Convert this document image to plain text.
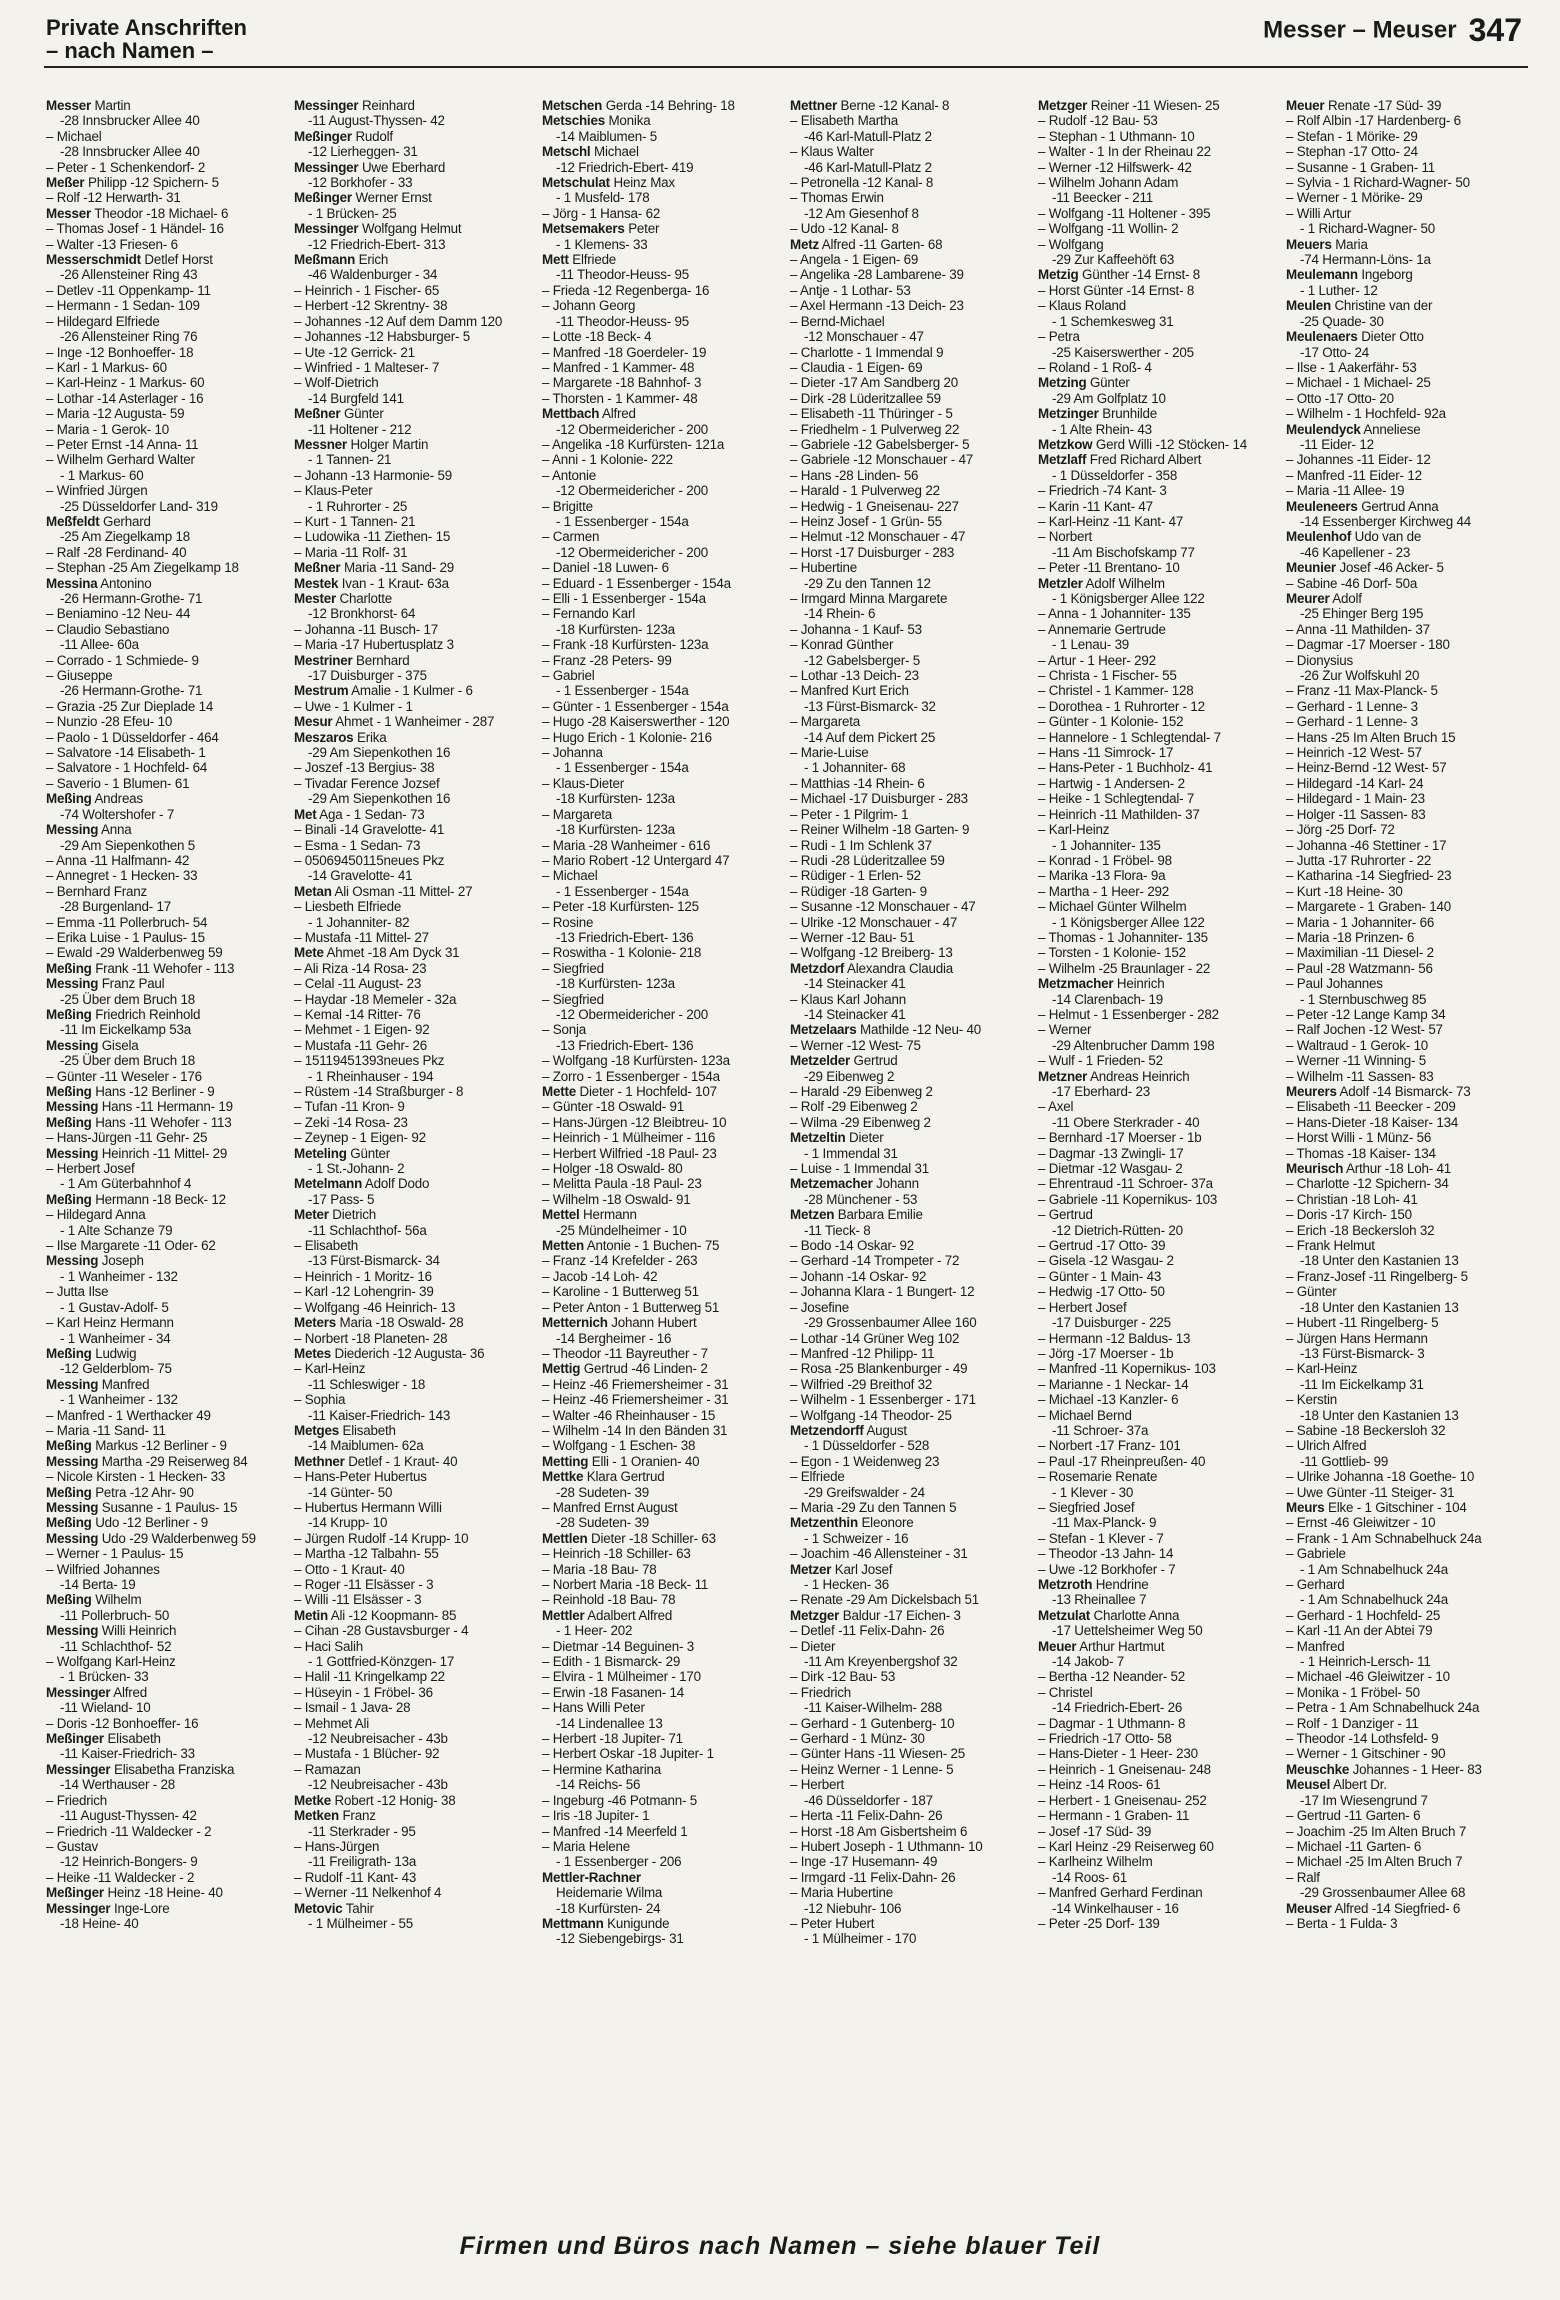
Private Anschriften
– nach Namen –
Messer – Meuser 347
Messer Martin
-28 Innsbrucker Allee 40
– Michael
-28 Innsbrucker Allee 40
– Peter - 1 Schenkendorf- 2
Meßer Philipp -12 Spichern- 5
– Rolf -12 Herwarth- 31
Messer Theodor -18 Michael- 6
– Thomas Josef - 1 Händel- 16
– Walter -13 Friesen- 6
Messerschmidt Detlef Horst
-26 Allensteiner Ring 43
– Detlev -11 Oppenkamp- 11
– Hermann - 1 Sedan- 109
– Hildegard Elfriede
-26 Allensteiner Ring 76
– Inge -12 Bonhoeffer- 18
– Karl - 1 Markus- 60
– Karl-Heinz - 1 Markus- 60
– Lothar -14 Asterlager - 16
– Maria -12 Augusta- 59
– Maria - 1 Gerok- 10
– Peter Ernst -14 Anna- 11
– Wilhelm Gerhard Walter
- 1 Markus- 60
– Winfried Jürgen
-25 Düsseldorfer Land- 319
Meßfeldt Gerhard
-25 Am Ziegelkamp 18
– Ralf -28 Ferdinand- 40
– Stephan -25 Am Ziegelkamp 18
Messina Antonino
-26 Hermann-Grothe- 71
– Beniamino -12 Neu- 44
– Claudio Sebastiano
-11 Allee- 60a
– Corrado - 1 Schmiede- 9
– Giuseppe
-26 Hermann-Grothe- 71
– Grazia -25 Zur Dieplade 14
– Nunzio -28 Efeu- 10
– Paolo - 1 Düsseldorfer - 464
– Salvatore -14 Elisabeth- 1
– Salvatore - 1 Hochfeld- 64
– Saverio - 1 Blumen- 61
Meßing Andreas
-74 Woltershofer - 7
Messing Anna
-29 Am Siepenkothen 5
– Anna -11 Halfmann- 42
– Annegret - 1 Hecken- 33
– Bernhard Franz
-28 Burgenland- 17
– Emma -11 Pollerbruch- 54
– Erika Luise - 1 Paulus- 15
– Ewald -29 Walderbenweg 59
Meßing Frank -11 Wehofer - 113
Messing Franz Paul
-25 Über dem Bruch 18
Meßing Friedrich Reinhold
-11 Im Eickelkamp 53a
Messing Gisela
-25 Über dem Bruch 18
– Günter -11 Weseler - 176
Meßing Hans -12 Berliner - 9
Messing Hans -11 Hermann- 19
Meßing Hans -11 Wehofer - 113
– Hans-Jürgen -11 Gehr- 25
Messing Heinrich -11 Mittel- 29
– Herbert Josef
- 1 Am Güterbahnhof 4
Meßing Hermann -18 Beck- 12
– Hildegard Anna
- 1 Alte Schanze 79
– Ilse Margarete -11 Oder- 62
Messing Joseph
- 1 Wanheimer - 132
– Jutta Ilse
- 1 Gustav-Adolf- 5
– Karl Heinz Hermann
- 1 Wanheimer - 34
Meßing Ludwig
-12 Gelderblom- 75
Messing Manfred
- 1 Wanheimer - 132
– Manfred - 1 Werthacker 49
– Maria -11 Sand- 11
Meßing Markus -12 Berliner - 9
Messing Martha -29 Reiserweg 84
– Nicole Kirsten - 1 Hecken- 33
Meßing Petra -12 Ahr- 90
Messing Susanne - 1 Paulus- 15
Meßing Udo -12 Berliner - 9
Messing Udo -29 Walderbenweg 59
– Werner - 1 Paulus- 15
– Wilfried Johannes
-14 Berta- 19
Meßing Wilhelm
-11 Pollerbruch- 50
Messing Willi Heinrich
-11 Schlachthof- 52
– Wolfgang Karl-Heinz
- 1 Brücken- 33
Messinger Alfred
-11 Wieland- 10
– Doris -12 Bonhoeffer- 16
Meßinger Elisabeth
-11 Kaiser-Friedrich- 33
Messinger Elisabetha Franziska
-14 Werthauser - 28
– Friedrich
-11 August-Thyssen- 42
– Friedrich -11 Waldecker - 2
– Gustav
-12 Heinrich-Bongers- 9
– Heike -11 Waldecker - 2
Meßinger Heinz -18 Heine- 40
Messinger Inge-Lore
-18 Heine- 40
Messinger Reinhard
-11 August-Thyssen- 42
Meßinger Rudolf
-12 Lierheggen- 31
Messinger Uwe Eberhard
-12 Borkhofer - 33
Meßinger Werner Ernst
- 1 Brücken- 25
Messinger Wolfgang Helmut
-12 Friedrich-Ebert- 313
Meßmann Erich
-46 Waldenburger - 34
– Heinrich - 1 Fischer- 65
– Herbert -12 Skrentny- 38
– Johannes -12 Auf dem Damm 120
– Johannes -12 Habsburger- 5
– Ute -12 Gerrick- 21
– Winfried - 1 Malteser- 7
– Wolf-Dietrich
-14 Burgfeld 141
Meßner Günter
-11 Holtener - 212
Messner Holger Martin
- 1 Tannen- 21
– Johann -13 Harmonie- 59
– Klaus-Peter
- 1 Ruhrorter - 25
– Kurt - 1 Tannen- 21
– Ludowika -11 Ziethen- 15
– Maria -11 Rolf- 31
Meßner Maria -11 Sand- 29
Mestek Ivan - 1 Kraut- 63a
Mester Charlotte
-12 Bronkhorst- 64
– Johanna -11 Busch- 17
– Maria -17 Hubertusplatz 3
Mestriner Bernhard
-17 Duisburger - 375
Mestrum Amalie - 1 Kulmer - 6
– Uwe - 1 Kulmer - 1
Mesur Ahmet - 1 Wanheimer - 287
Meszaros Erika
-29 Am Siepenkothen 16
– Joszef -13 Bergius- 38
– Tivadar Ference Jozsef
-29 Am Siepenkothen 16
Met Aga - 1 Sedan- 73
– Binali -14 Gravelotte- 41
– Esma - 1 Sedan- 73
– 05069450115neues Pkz
-14 Gravelotte- 41
Metan Ali Osman -11 Mittel- 27
– Liesbeth Elfriede
- 1 Johanniter- 82
– Mustafa -11 Mittel- 27
Mete Ahmet -18 Am Dyck 31
– Ali Riza -14 Rosa- 23
– Celal -11 August- 23
– Haydar -18 Memeler - 32a
– Kemal -14 Ritter- 76
– Mehmet - 1 Eigen- 92
– Mustafa -11 Gehr- 26
– 15119451393neues Pkz
- 1 Rheinhauser - 194
– Rüstem -14 Straßburger - 8
– Tufan -11 Kron- 9
– Zeki -14 Rosa- 23
– Zeynep - 1 Eigen- 92
Meteling Günter
- 1 St.-Johann- 2
Metelmann Adolf Dodo
-17 Pass- 5
Meter Dietrich
-11 Schlachthof- 56a
– Elisabeth
-13 Fürst-Bismarck- 34
– Heinrich - 1 Moritz- 16
– Karl -12 Lohengrin- 39
– Wolfgang -46 Heinrich- 13
Meters Maria -18 Oswald- 28
– Norbert -18 Planeten- 28
Metes Diederich -12 Augusta- 36
– Karl-Heinz
-11 Schleswiger - 18
– Sophia
-11 Kaiser-Friedrich- 143
Metges Elisabeth
-14 Maiblumen- 62a
Methner Detlef - 1 Kraut- 40
– Hans-Peter Hubertus
-14 Günter- 50
– Hubertus Hermann Willi
-14 Krupp- 10
– Jürgen Rudolf -14 Krupp- 10
– Martha -12 Talbahn- 55
– Otto - 1 Kraut- 40
– Roger -11 Elsässer - 3
– Willi -11 Elsässer - 3
Metin Ali -12 Koopmann- 85
– Cihan -28 Gustavsburger - 4
– Haci Salih
- 1 Gottfried-Könzgen- 17
– Halil -11 Kringelkamp 22
– Hüseyin - 1 Fröbel- 36
– Ismail - 1 Java- 28
– Mehmet Ali
-12 Neubreisacher - 43b
– Mustafa - 1 Blücher- 92
– Ramazan
-12 Neubreisacher - 43b
Metke Robert -12 Honig- 38
Metken Franz
-11 Sterkrader - 95
– Hans-Jürgen
-11 Freiligrath- 13a
– Rudolf -11 Kant- 43
– Werner -11 Nelkenhof 4
Metovic Tahir
- 1 Mülheimer - 55
Metschen Gerda -14 Behring- 18
Metschies Monika
-14 Maiblumen- 5
Metschl Michael
-12 Friedrich-Ebert- 419
Metschulat Heinz Max
- 1 Musfeld- 178
– Jörg - 1 Hansa- 62
Metsemakers Peter
- 1 Klemens- 33
Mett Elfriede
-11 Theodor-Heuss- 95
– Frieda -12 Regenberga- 16
– Johann Georg
-11 Theodor-Heuss- 95
– Lotte -18 Beck- 4
– Manfred -18 Goerdeler- 19
– Manfred - 1 Kammer- 48
– Margarete -18 Bahnhof- 3
– Thorsten - 1 Kammer- 48
Mettbach Alfred
-12 Obermeidericher - 200
– Angelika -18 Kurfürsten- 121a
– Anni - 1 Kolonie- 222
– Antonie
-12 Obermeidericher - 200
– Brigitte
- 1 Essenberger - 154a
– Carmen
-12 Obermeidericher - 200
– Daniel -18 Luwen- 6
– Eduard - 1 Essenberger - 154a
– Elli - 1 Essenberger - 154a
– Fernando Karl
-18 Kurfürsten- 123a
– Frank -18 Kurfürsten- 123a
– Franz -28 Peters- 99
– Gabriel
- 1 Essenberger - 154a
– Günter - 1 Essenberger - 154a
– Hugo -28 Kaiserswerther - 120
– Hugo Erich - 1 Kolonie- 216
– Johanna
- 1 Essenberger - 154a
– Klaus-Dieter
-18 Kurfürsten- 123a
– Margareta
-18 Kurfürsten- 123a
– Maria -28 Wanheimer - 616
– Mario Robert -12 Untergard 47
– Michael
- 1 Essenberger - 154a
– Peter -18 Kurfürsten- 125
– Rosine
-13 Friedrich-Ebert- 136
– Roswitha - 1 Kolonie- 218
– Siegfried
-18 Kurfürsten- 123a
– Siegfried
-12 Obermeidericher - 200
– Sonja
-13 Friedrich-Ebert- 136
– Wolfgang -18 Kurfürsten- 123a
– Zorro - 1 Essenberger - 154a
Mette Dieter - 1 Hochfeld- 107
– Günter -18 Oswald- 91
– Hans-Jürgen -12 Bleibtreu- 10
– Heinrich - 1 Mülheimer - 116
– Herbert Wilfried -18 Paul- 23
– Holger -18 Oswald- 80
– Melitta Paula -18 Paul- 23
– Wilhelm -18 Oswald- 91
Mettel Hermann
-25 Mündelheimer - 10
Metten Antonie - 1 Buchen- 75
– Franz -14 Krefelder - 263
– Jacob -14 Loh- 42
– Karoline - 1 Butterweg 51
– Peter Anton - 1 Butterweg 51
Metternich Johann Hubert
-14 Bergheimer - 16
– Theodor -11 Bayreuther - 7
Mettig Gertrud -46 Linden- 2
– Heinz -46 Friemersheimer - 31
– Heinz -46 Friemersheimer - 31
– Walter -46 Rheinhauser - 15
– Wilhelm -14 In den Bänden 31
– Wolfgang - 1 Eschen- 38
Metting Elli - 1 Oranien- 40
Mettke Klara Gertrud
-28 Sudeten- 39
– Manfred Ernst August
-28 Sudeten- 39
Mettlen Dieter -18 Schiller- 63
– Heinrich -18 Schiller- 63
– Maria -18 Bau- 78
– Norbert Maria -18 Beck- 11
– Reinhold -18 Bau- 78
Mettler Adalbert Alfred
- 1 Heer- 202
– Dietmar -14 Beguinen- 3
– Edith - 1 Bismarck- 29
– Elvira - 1 Mülheimer - 170
– Erwin -18 Fasanen- 14
– Hans Willi Peter
-14 Lindenallee 13
– Herbert -18 Jupiter- 71
– Herbert Oskar -18 Jupiter- 1
– Hermine Katharina
-14 Reichs- 56
– Ingeburg -46 Potmann- 5
– Iris -18 Jupiter- 1
– Manfred -14 Meerfeld 1
– Maria Helene
- 1 Essenberger - 206
Mettler-Rachner
Heidemarie Wilma
-18 Kurfürsten- 24
Mettmann Kunigunde
-12 Siebengebirgs- 31
Mettner Berne -12 Kanal- 8
– Elisabeth Martha
-46 Karl-Matull-Platz 2
– Klaus Walter
-46 Karl-Matull-Platz 2
– Petronella -12 Kanal- 8
– Thomas Erwin
-12 Am Giesenhof 8
– Udo -12 Kanal- 8
Metz Alfred -11 Garten- 68
– Angela - 1 Eigen- 69
– Angelika -28 Lambarene- 39
– Antje - 1 Lothar- 53
– Axel Hermann -13 Deich- 23
– Bernd-Michael
-12 Monschauer - 47
– Charlotte - 1 Immendal 9
– Claudia - 1 Eigen- 69
– Dieter -17 Am Sandberg 20
– Dirk -28 Lüderitzallee 59
– Elisabeth -11 Thüringer - 5
– Friedhelm - 1 Pulverweg 22
– Gabriele -12 Gabelsberger- 5
– Gabriele -12 Monschauer - 47
– Hans -28 Linden- 56
– Harald - 1 Pulverweg 22
– Hedwig - 1 Gneisenau- 227
– Heinz Josef - 1 Grün- 55
– Helmut -12 Monschauer - 47
– Horst -17 Duisburger - 283
– Hubertine
-29 Zu den Tannen 12
– Irmgard Minna Margarete
-14 Rhein- 6
– Johanna - 1 Kauf- 53
– Konrad Günther
-12 Gabelsberger- 5
– Lothar -13 Deich- 23
– Manfred Kurt Erich
-13 Fürst-Bismarck- 32
– Margareta
-14 Auf dem Pickert 25
– Marie-Luise
- 1 Johanniter- 68
– Matthias -14 Rhein- 6
– Michael -17 Duisburger - 283
– Peter - 1 Pilgrim- 1
– Reiner Wilhelm -18 Garten- 9
– Rudi - 1 Im Schlenk 37
– Rudi -28 Lüderitzallee 59
– Rüdiger - 1 Erlen- 52
– Rüdiger -18 Garten- 9
– Susanne -12 Monschauer - 47
– Ulrike -12 Monschauer - 47
– Werner -12 Bau- 51
– Wolfgang -12 Breiberg- 13
Metzdorf Alexandra Claudia
-14 Steinacker 41
– Klaus Karl Johann
-14 Steinacker 41
Metzelaars Mathilde -12 Neu- 40
– Werner -12 West- 75
Metzelder Gertrud
-29 Eibenweg 2
– Harald -29 Eibenweg 2
– Rolf -29 Eibenweg 2
– Wilma -29 Eibenweg 2
Metzeltin Dieter
- 1 Immendal 31
– Luise - 1 Immendal 31
Metzemacher Johann
-28 Münchener - 53
Metzen Barbara Emilie
-11 Tieck- 8
– Bodo -14 Oskar- 92
– Gerhard -14 Trompeter - 72
– Johann -14 Oskar- 92
– Johanna Klara - 1 Bungert- 12
– Josefine
-29 Grossenbaumer Allee 160
– Lothar -14 Grüner Weg 102
– Manfred -12 Philipp- 11
– Rosa -25 Blankenburger - 49
– Wilfried -29 Breithof 32
– Wilhelm - 1 Essenberger - 171
– Wolfgang -14 Theodor- 25
Metzendorff August
- 1 Düsseldorfer - 528
– Egon - 1 Weidenweg 23
– Elfriede
-29 Greifswalder - 24
– Maria -29 Zu den Tannen 5
Metzenthin Eleonore
- 1 Schweizer - 16
– Joachim -46 Allensteiner - 31
Metzer Karl Josef
- 1 Hecken- 36
– Renate -29 Am Dickelsbach 51
Metzger Baldur -17 Eichen- 3
– Detlef -11 Felix-Dahn- 26
– Dieter
-11 Am Kreyenbergshof 32
– Dirk -12 Bau- 53
– Friedrich
-11 Kaiser-Wilhelm- 288
– Gerhard - 1 Gutenberg- 10
– Gerhard - 1 Münz- 30
– Günter Hans -11 Wiesen- 25
– Heinz Werner - 1 Lenne- 5
– Herbert
-46 Düsseldorfer - 187
– Herta -11 Felix-Dahn- 26
– Horst -18 Am Gisbertsheim 6
– Hubert Joseph - 1 Uthmann- 10
– Inge -17 Husemann- 49
– Irmgard -11 Felix-Dahn- 26
– Maria Hubertine
-12 Niebuhr- 106
– Peter Hubert
- 1 Mülheimer - 170
Metzger Reiner -11 Wiesen- 25
– Rudolf -12 Bau- 53
– Stephan - 1 Uthmann- 10
– Walter - 1 In der Rheinau 22
– Werner -12 Hilfswerk- 42
– Wilhelm Johann Adam
-11 Beecker - 211
– Wolfgang -11 Holtener - 395
– Wolfgang -11 Wollin- 2
– Wolfgang
-29 Zur Kaffeehöft 63
Metzig Günther -14 Ernst- 8
– Horst Günter -14 Ernst- 8
– Klaus Roland
- 1 Schemkesweg 31
– Petra
-25 Kaiserswerther - 205
– Roland - 1 Roß- 4
Metzing Günter
-29 Am Golfplatz 10
Metzinger Brunhilde
- 1 Alte Rhein- 43
Metzkow Gerd Willi -12 Stöcken- 14
Metzlaff Fred Richard Albert
- 1 Düsseldorfer - 358
– Friedrich -74 Kant- 3
– Karin -11 Kant- 47
– Karl-Heinz -11 Kant- 47
– Norbert
-11 Am Bischofskamp 77
– Peter -11 Brentano- 10
Metzler Adolf Wilhelm
- 1 Königsberger Allee 122
– Anna - 1 Johanniter- 135
– Annemarie Gertrude
- 1 Lenau- 39
– Artur - 1 Heer- 292
– Christa - 1 Fischer- 55
– Christel - 1 Kammer- 128
– Dorothea - 1 Ruhrorter - 12
– Günter - 1 Kolonie- 152
– Hannelore - 1 Schlegtendal- 7
– Hans -11 Simrock- 17
– Hans-Peter - 1 Buchholz- 41
– Hartwig - 1 Andersen- 2
– Heike - 1 Schlegtendal- 7
– Heinrich -11 Mathilden- 37
– Karl-Heinz
- 1 Johanniter- 135
– Konrad - 1 Fröbel- 98
– Marika -13 Flora- 9a
– Martha - 1 Heer- 292
– Michael Günter Wilhelm
- 1 Königsberger Allee 122
– Thomas - 1 Johanniter- 135
– Torsten - 1 Kolonie- 152
– Wilhelm -25 Braunlager - 22
Metzmacher Heinrich
-14 Clarenbach- 19
– Helmut - 1 Essenberger - 282
– Werner
-29 Altenbrucher Damm 198
– Wulf - 1 Frieden- 52
Metzner Andreas Heinrich
-17 Eberhard- 23
– Axel
-11 Obere Sterkrader - 40
– Bernhard -17 Moerser - 1b
– Dagmar -13 Zwingli- 17
– Dietmar -12 Wasgau- 2
– Ehrentraud -11 Schroer- 37a
– Gabriele -11 Kopernikus- 103
– Gertrud
-12 Dietrich-Rütten- 20
– Gertrud -17 Otto- 39
– Gisela -12 Wasgau- 2
– Günter - 1 Main- 43
– Hedwig -17 Otto- 50
– Herbert Josef
-17 Duisburger - 225
– Hermann -12 Baldus- 13
– Jörg -17 Moerser - 1b
– Manfred -11 Kopernikus- 103
– Marianne - 1 Neckar- 14
– Michael -13 Kanzler- 6
– Michael Bernd
-11 Schroer- 37a
– Norbert -17 Franz- 101
– Paul -17 Rheinpreußen- 40
– Rosemarie Renate
- 1 Klever - 30
– Siegfried Josef
-11 Max-Planck- 9
– Stefan - 1 Klever - 7
– Theodor -13 Jahn- 14
– Uwe -12 Borkhofer - 7
Metzroth Hendrine
-13 Rheinallee 7
Metzulat Charlotte Anna
-17 Uettelsheimer Weg 50
Meuer Arthur Hartmut
-14 Jakob- 7
– Bertha -12 Neander- 52
– Christel
-14 Friedrich-Ebert- 26
– Dagmar - 1 Uthmann- 8
– Friedrich -17 Otto- 58
– Hans-Dieter - 1 Heer- 230
– Heinrich - 1 Gneisenau- 248
– Heinz -14 Roos- 61
– Herbert - 1 Gneisenau- 252
– Hermann - 1 Graben- 11
– Josef -17 Süd- 39
– Karl Heinz -29 Reiserweg 60
– Karlheinz Wilhelm
-14 Roos- 61
– Manfred Gerhard Ferdinan
-14 Winkelhauser - 16
– Peter -25 Dorf- 139
Meuer Renate -17 Süd- 39
– Rolf Albin -17 Hardenberg- 6
– Stefan - 1 Mörike- 29
– Stephan -17 Otto- 24
– Susanne - 1 Graben- 11
– Sylvia - 1 Richard-Wagner- 50
– Werner - 1 Mörike- 29
– Willi Artur
- 1 Richard-Wagner- 50
Meuers Maria
-74 Hermann-Löns- 1a
Meulemann Ingeborg
- 1 Luther- 12
Meulen Christine van der
-25 Quade- 30
Meulenaers Dieter Otto
-17 Otto- 24
– Ilse - 1 Aakerfähr- 53
– Michael - 1 Michael- 25
– Otto -17 Otto- 20
– Wilhelm - 1 Hochfeld- 92a
Meulendyck Anneliese
-11 Eider- 12
– Johannes -11 Eider- 12
– Manfred -11 Eider- 12
– Maria -11 Allee- 19
Meuleneers Gertrud Anna
-14 Essenberger Kirchweg 44
Meulenhof Udo van de
-46 Kapellener - 23
Meunier Josef -46 Acker- 5
– Sabine -46 Dorf- 50a
Meurer Adolf
-25 Ehinger Berg 195
– Anna -11 Mathilden- 37
– Dagmar -17 Moerser - 180
– Dionysius
-26 Zur Wolfskuhl 20
– Franz -11 Max-Planck- 5
– Gerhard - 1 Lenne- 3
– Gerhard - 1 Lenne- 3
– Hans -25 Im Alten Bruch 15
– Heinrich -12 West- 57
– Heinz-Bernd -12 West- 57
– Hildegard -14 Karl- 24
– Hildegard - 1 Main- 23
– Holger -11 Sassen- 83
– Jörg -25 Dorf- 72
– Johanna -46 Stettiner - 17
– Jutta -17 Ruhrorter - 22
– Katharina -14 Siegfried- 23
– Kurt -18 Heine- 30
– Margarete - 1 Graben- 140
– Maria - 1 Johanniter- 66
– Maria -18 Prinzen- 6
– Maximilian -11 Diesel- 2
– Paul -28 Watzmann- 56
– Paul Johannes
- 1 Sternbuschweg 85
– Peter -12 Lange Kamp 34
– Ralf Jochen -12 West- 57
– Waltraud - 1 Gerok- 10
– Werner -11 Winning- 5
– Wilhelm -11 Sassen- 83
Meurers Adolf -14 Bismarck- 73
– Elisabeth -11 Beecker - 209
– Hans-Dieter -18 Kaiser- 134
– Horst Willi - 1 Münz- 56
– Thomas -18 Kaiser- 134
Meurisch Arthur -18 Loh- 41
– Charlotte -12 Spichern- 34
– Christian -18 Loh- 41
– Doris -17 Kirch- 150
– Erich -18 Beckersloh 32
– Frank Helmut
-18 Unter den Kastanien 13
– Franz-Josef -11 Ringelberg- 5
– Günter
-18 Unter den Kastanien 13
– Hubert -11 Ringelberg- 5
– Jürgen Hans Hermann
-13 Fürst-Bismarck- 3
– Karl-Heinz
-11 Im Eickelkamp 31
– Kerstin
-18 Unter den Kastanien 13
– Sabine -18 Beckersloh 32
– Ulrich Alfred
-11 Gottlieb- 99
– Ulrike Johanna -18 Goethe- 10
– Uwe Günter -11 Steiger- 31
Meurs Elke - 1 Gitschiner - 104
– Ernst -46 Gleiwitzer - 10
– Frank - 1 Am Schnabelhuck 24a
– Gabriele
- 1 Am Schnabelhuck 24a
– Gerhard
- 1 Am Schnabelhuck 24a
– Gerhard - 1 Hochfeld- 25
– Karl -11 An der Abtei 79
– Manfred
- 1 Heinrich-Lersch- 11
– Michael -46 Gleiwitzer - 10
– Monika - 1 Fröbel- 50
– Petra - 1 Am Schnabelhuck 24a
– Rolf - 1 Danziger - 11
– Theodor -14 Lothsfeld- 9
– Werner - 1 Gitschiner - 90
Meuschke Johannes - 1 Heer- 83
Meusel Albert Dr.
-17 Im Wiesengrund 7
– Gertrud -11 Garten- 6
– Joachim -25 Im Alten Bruch 7
– Michael -11 Garten- 6
– Michael -25 Im Alten Bruch 7
– Ralf
-29 Grossenbaumer Allee 68
Meuser Alfred -14 Siegfried- 6
– Berta - 1 Fulda- 3
Firmen und Büros nach Namen – siehe blauer Teil
